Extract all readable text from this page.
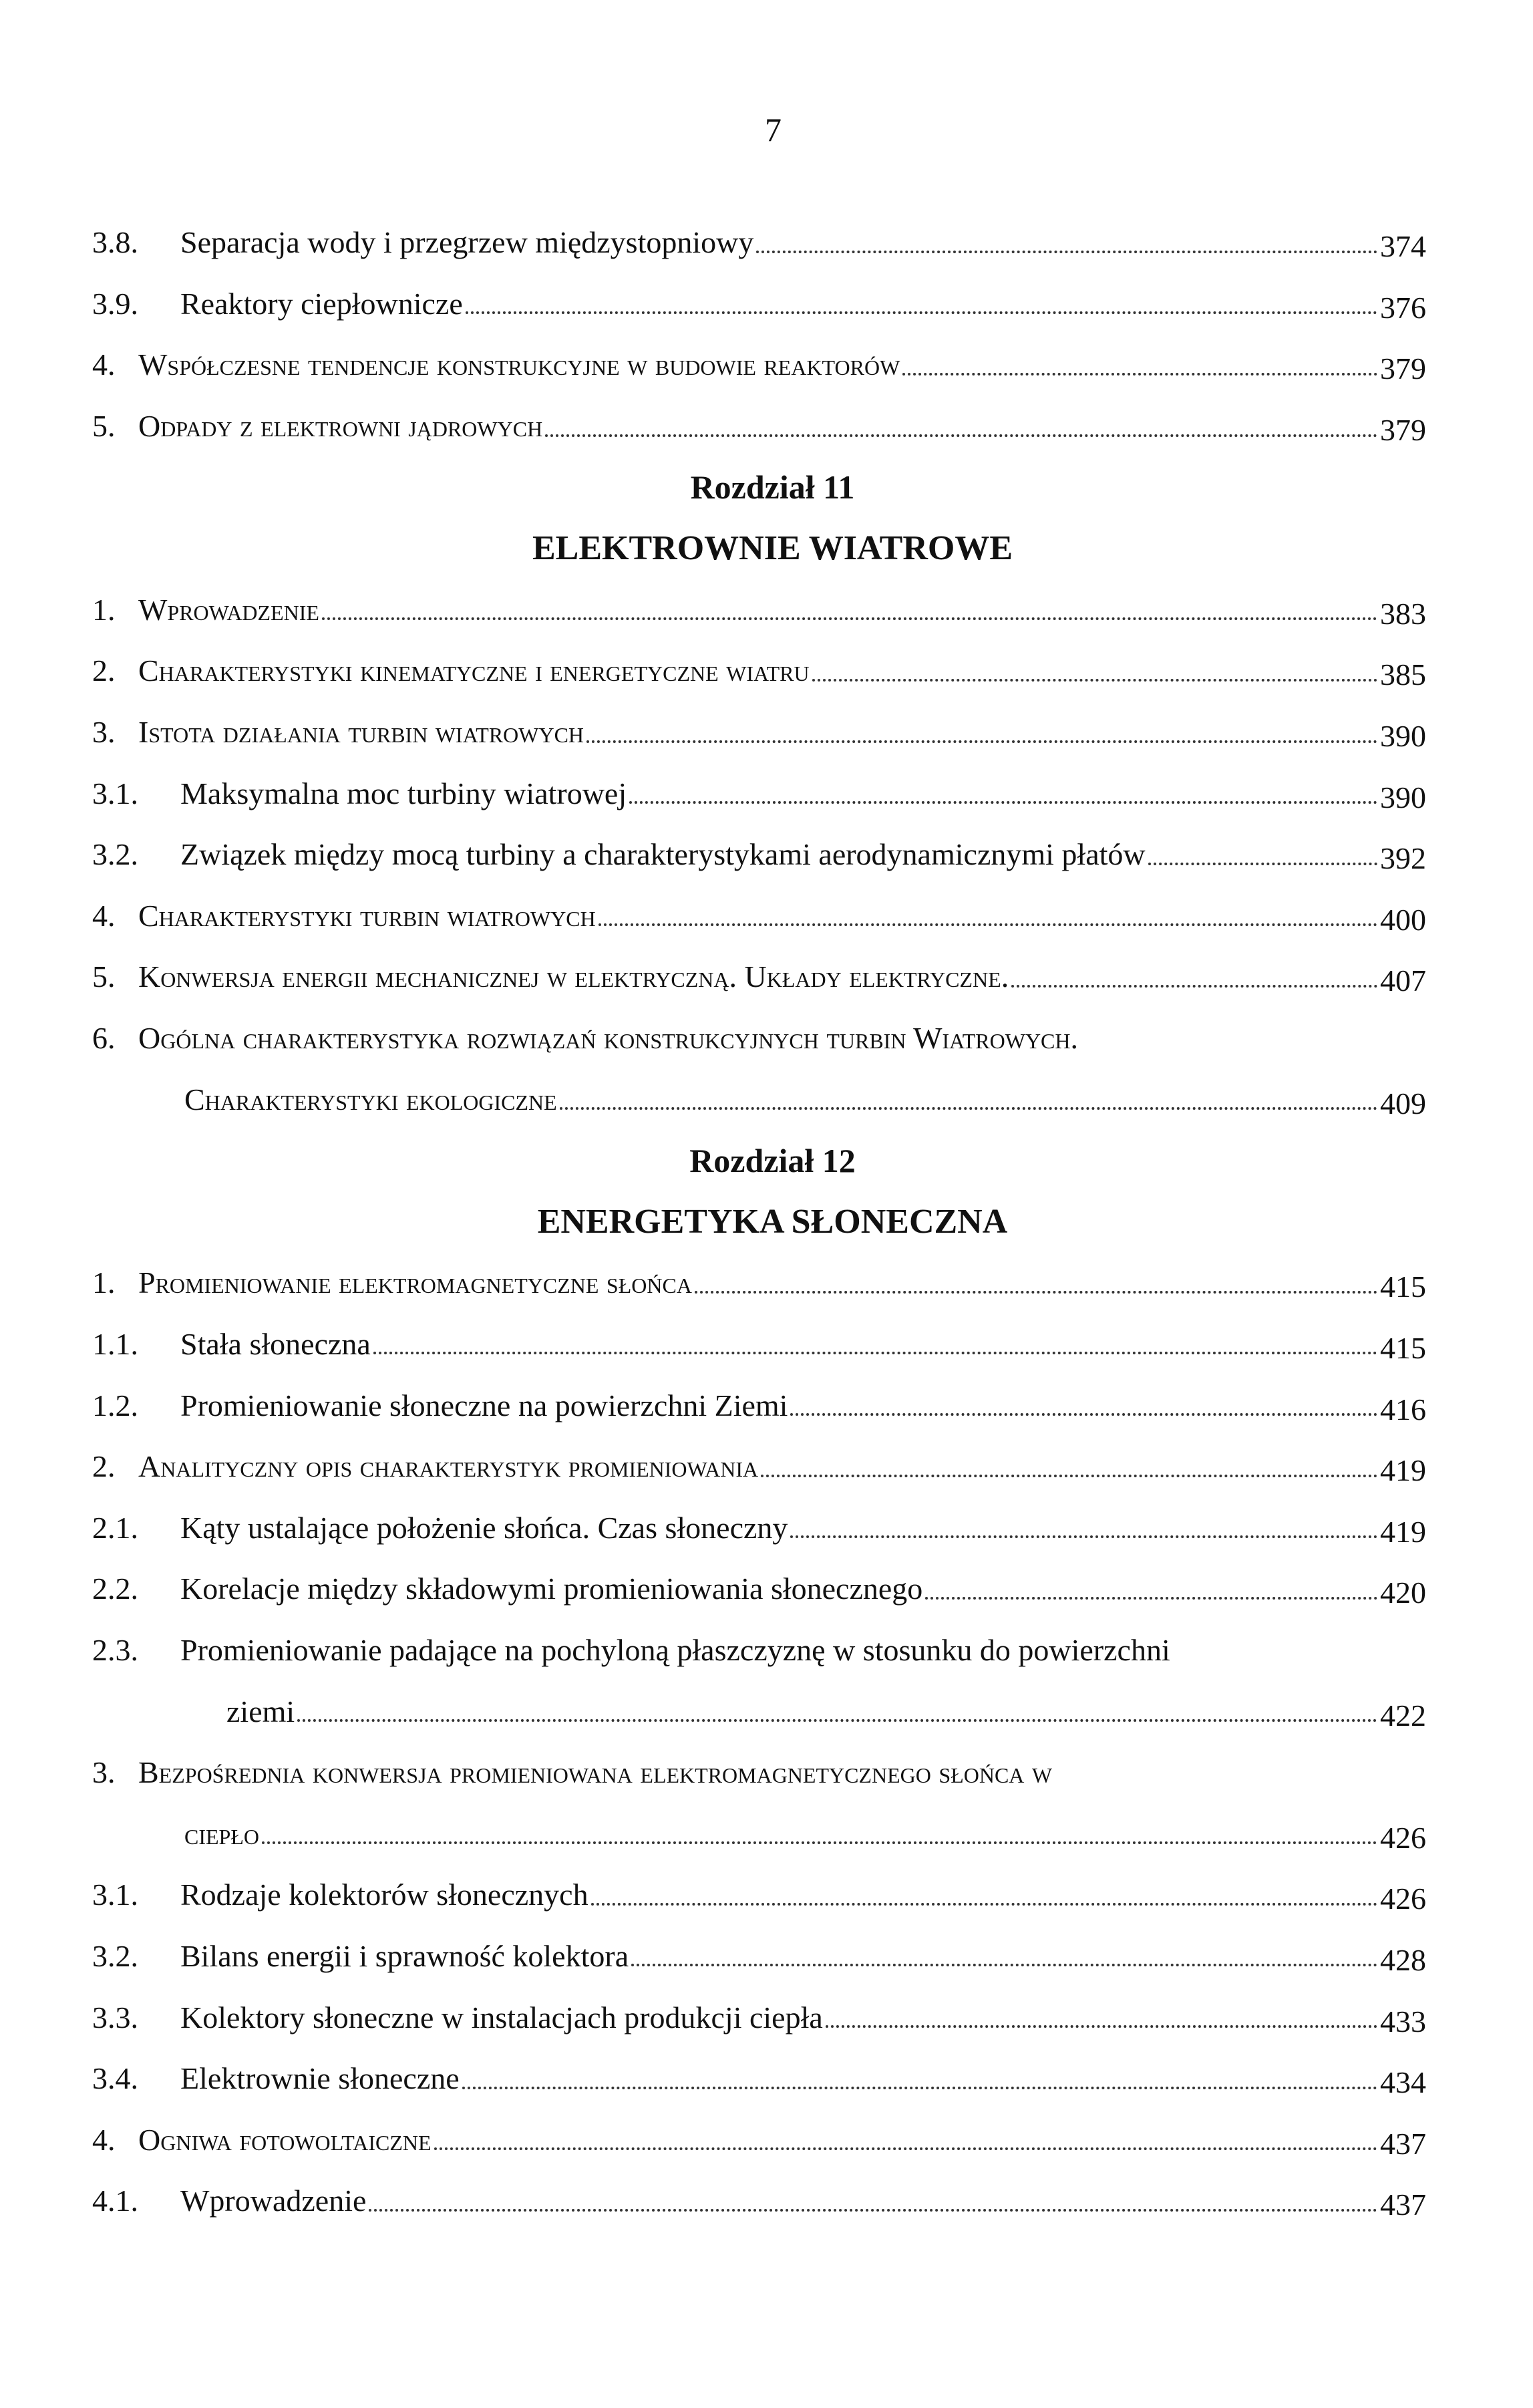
7
3.8.	Separacja wody i przegrzew międzystopniowy	374
3.9.	Reaktory ciepłownicze	376
4. Współczesne tendencje konstrukcyjne w budowie reaktorów	379
5. Odpady z elektrowni jądrowych	379
Rozdział 11
ELEKTROWNIE WIATROWE
1. Wprowadzenie	383
2. Charakterystyki kinematyczne i energetyczne wiatru	385
3. Istota działania turbin wiatrowych	390
3.1.	Maksymalna moc turbiny wiatrowej	390
3.2.	Związek między mocą turbiny a charakterystykami aerodynamicznymi płatów	392
4. Charakterystyki turbin wiatrowych	400
5. Konwersja energii mechanicznej w elektryczną. Układy elektryczne.	407
6. Ogólna charakterystyka rozwiązań konstrukcyjnych turbin Wiatrowych.
Charakterystyki ekologiczne	409
Rozdział 12
ENERGETYKA SŁONECZNA
1. Promieniowanie elektromagnetyczne słońca	415
1.1.	Stała słoneczna	415
1.2.	Promieniowanie słoneczne na powierzchni Ziemi	416
2. Analityczny opis charakterystyk promieniowania	419
2.1.	Kąty ustalające położenie słońca. Czas słoneczny	419
2.2.	Korelacje między składowymi promieniowania słonecznego	420
2.3.	Promieniowanie padające na pochyloną płaszczyznę w stosunku do powierzchni
ziemi	422
3. Bezpośrednia konwersja promieniowana elektromagnetycznego słońca w
ciepło	426
3.1.	Rodzaje kolektorów słonecznych	426
3.2.	Bilans energii i sprawność kolektora	428
3.3.	Kolektory słoneczne w instalacjach produkcji ciepła	433
3.4.	Elektrownie słoneczne	434
4. Ogniwa fotowoltaiczne	437
4.1.	Wprowadzenie	437
